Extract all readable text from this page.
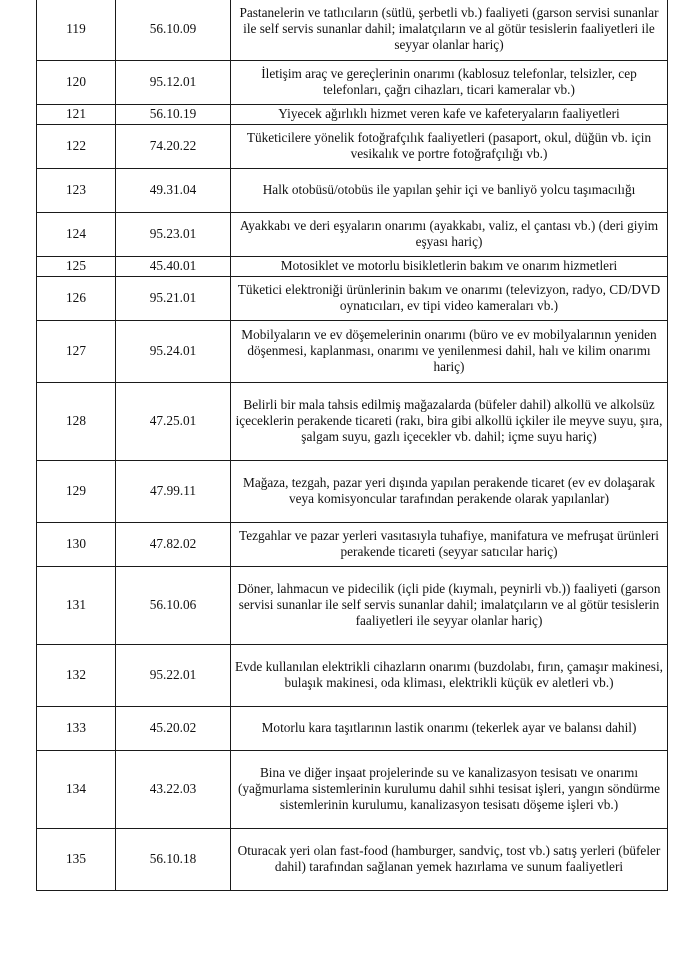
119	56.10.09	Pastanelerin ve tatlıcıların (sütlü, şerbetli vb.) faaliyeti (garson servisi sunanlar ile self servis sunanlar dahil; imalatçıların ve al götür tesislerin faaliyetleri ile seyyar olanlar hariç)
120	95.12.01	İletişim araç ve gereçlerinin onarımı (kablosuz telefonlar, telsizler, cep telefonları, çağrı cihazları, ticari kameralar vb.)
121	56.10.19	Yiyecek ağırlıklı hizmet veren kafe ve kafeteryaların faaliyetleri
122	74.20.22	Tüketicilere yönelik fotoğrafçılık faaliyetleri (pasaport, okul, düğün vb. için vesikalık ve portre fotoğrafçılığı vb.)
123	49.31.04	Halk otobüsü/otobüs ile yapılan şehir içi ve banliyö yolcu taşımacılığı
124	95.23.01	Ayakkabı ve deri eşyaların onarımı (ayakkabı, valiz, el çantası vb.) (deri giyim eşyası hariç)
125	45.40.01	Motosiklet ve motorlu bisikletlerin bakım ve onarım hizmetleri
126	95.21.01	Tüketici elektroniği ürünlerinin bakım ve onarımı (televizyon, radyo, CD/DVD oynatıcıları, ev tipi video kameraları vb.)
127	95.24.01	Mobilyaların ve ev döşemelerinin onarımı (büro ve ev mobilyalarının yeniden döşenmesi, kaplanması, onarımı ve yenilenmesi dahil, halı ve kilim onarımı hariç)
128	47.25.01	Belirli bir mala tahsis edilmiş mağazalarda (büfeler dahil) alkollü ve alkolsüz içeceklerin perakende ticareti (rakı, bira gibi alkollü içkiler ile meyve suyu, şıra, şalgam suyu, gazlı içecekler vb. dahil; içme suyu hariç)
129	47.99.11	Mağaza, tezgah, pazar yeri dışında yapılan perakende ticaret (ev ev dolaşarak veya komisyoncular tarafından perakende olarak yapılanlar)
130	47.82.02	Tezgahlar ve pazar yerleri vasıtasıyla tuhafiye, manifatura ve mefruşat ürünleri perakende ticareti (seyyar satıcılar hariç)
131	56.10.06	Döner, lahmacun ve pidecilik (içli pide (kıymalı, peynirli vb.)) faaliyeti (garson servisi sunanlar ile self servis sunanlar dahil; imalatçıların ve al götür tesislerin faaliyetleri ile seyyar olanlar hariç)
132	95.22.01	Evde kullanılan elektrikli cihazların onarımı (buzdolabı, fırın, çamaşır makinesi, bulaşık makinesi, oda kliması, elektrikli küçük ev aletleri vb.)
133	45.20.02	Motorlu kara taşıtlarının lastik onarımı (tekerlek ayar ve balansı dahil)
134	43.22.03	Bina ve diğer inşaat projelerinde su ve kanalizasyon tesisatı ve onarımı (yağmurlama sistemlerinin kurulumu dahil sıhhi tesisat işleri, yangın söndürme sistemlerinin kurulumu, kanalizasyon tesisatı döşeme işleri vb.)
135	56.10.18	Oturacak yeri olan fast-food (hamburger, sandviç, tost vb.) satış yerleri (büfeler dahil) tarafından sağlanan yemek hazırlama ve sunum faaliyetleri
